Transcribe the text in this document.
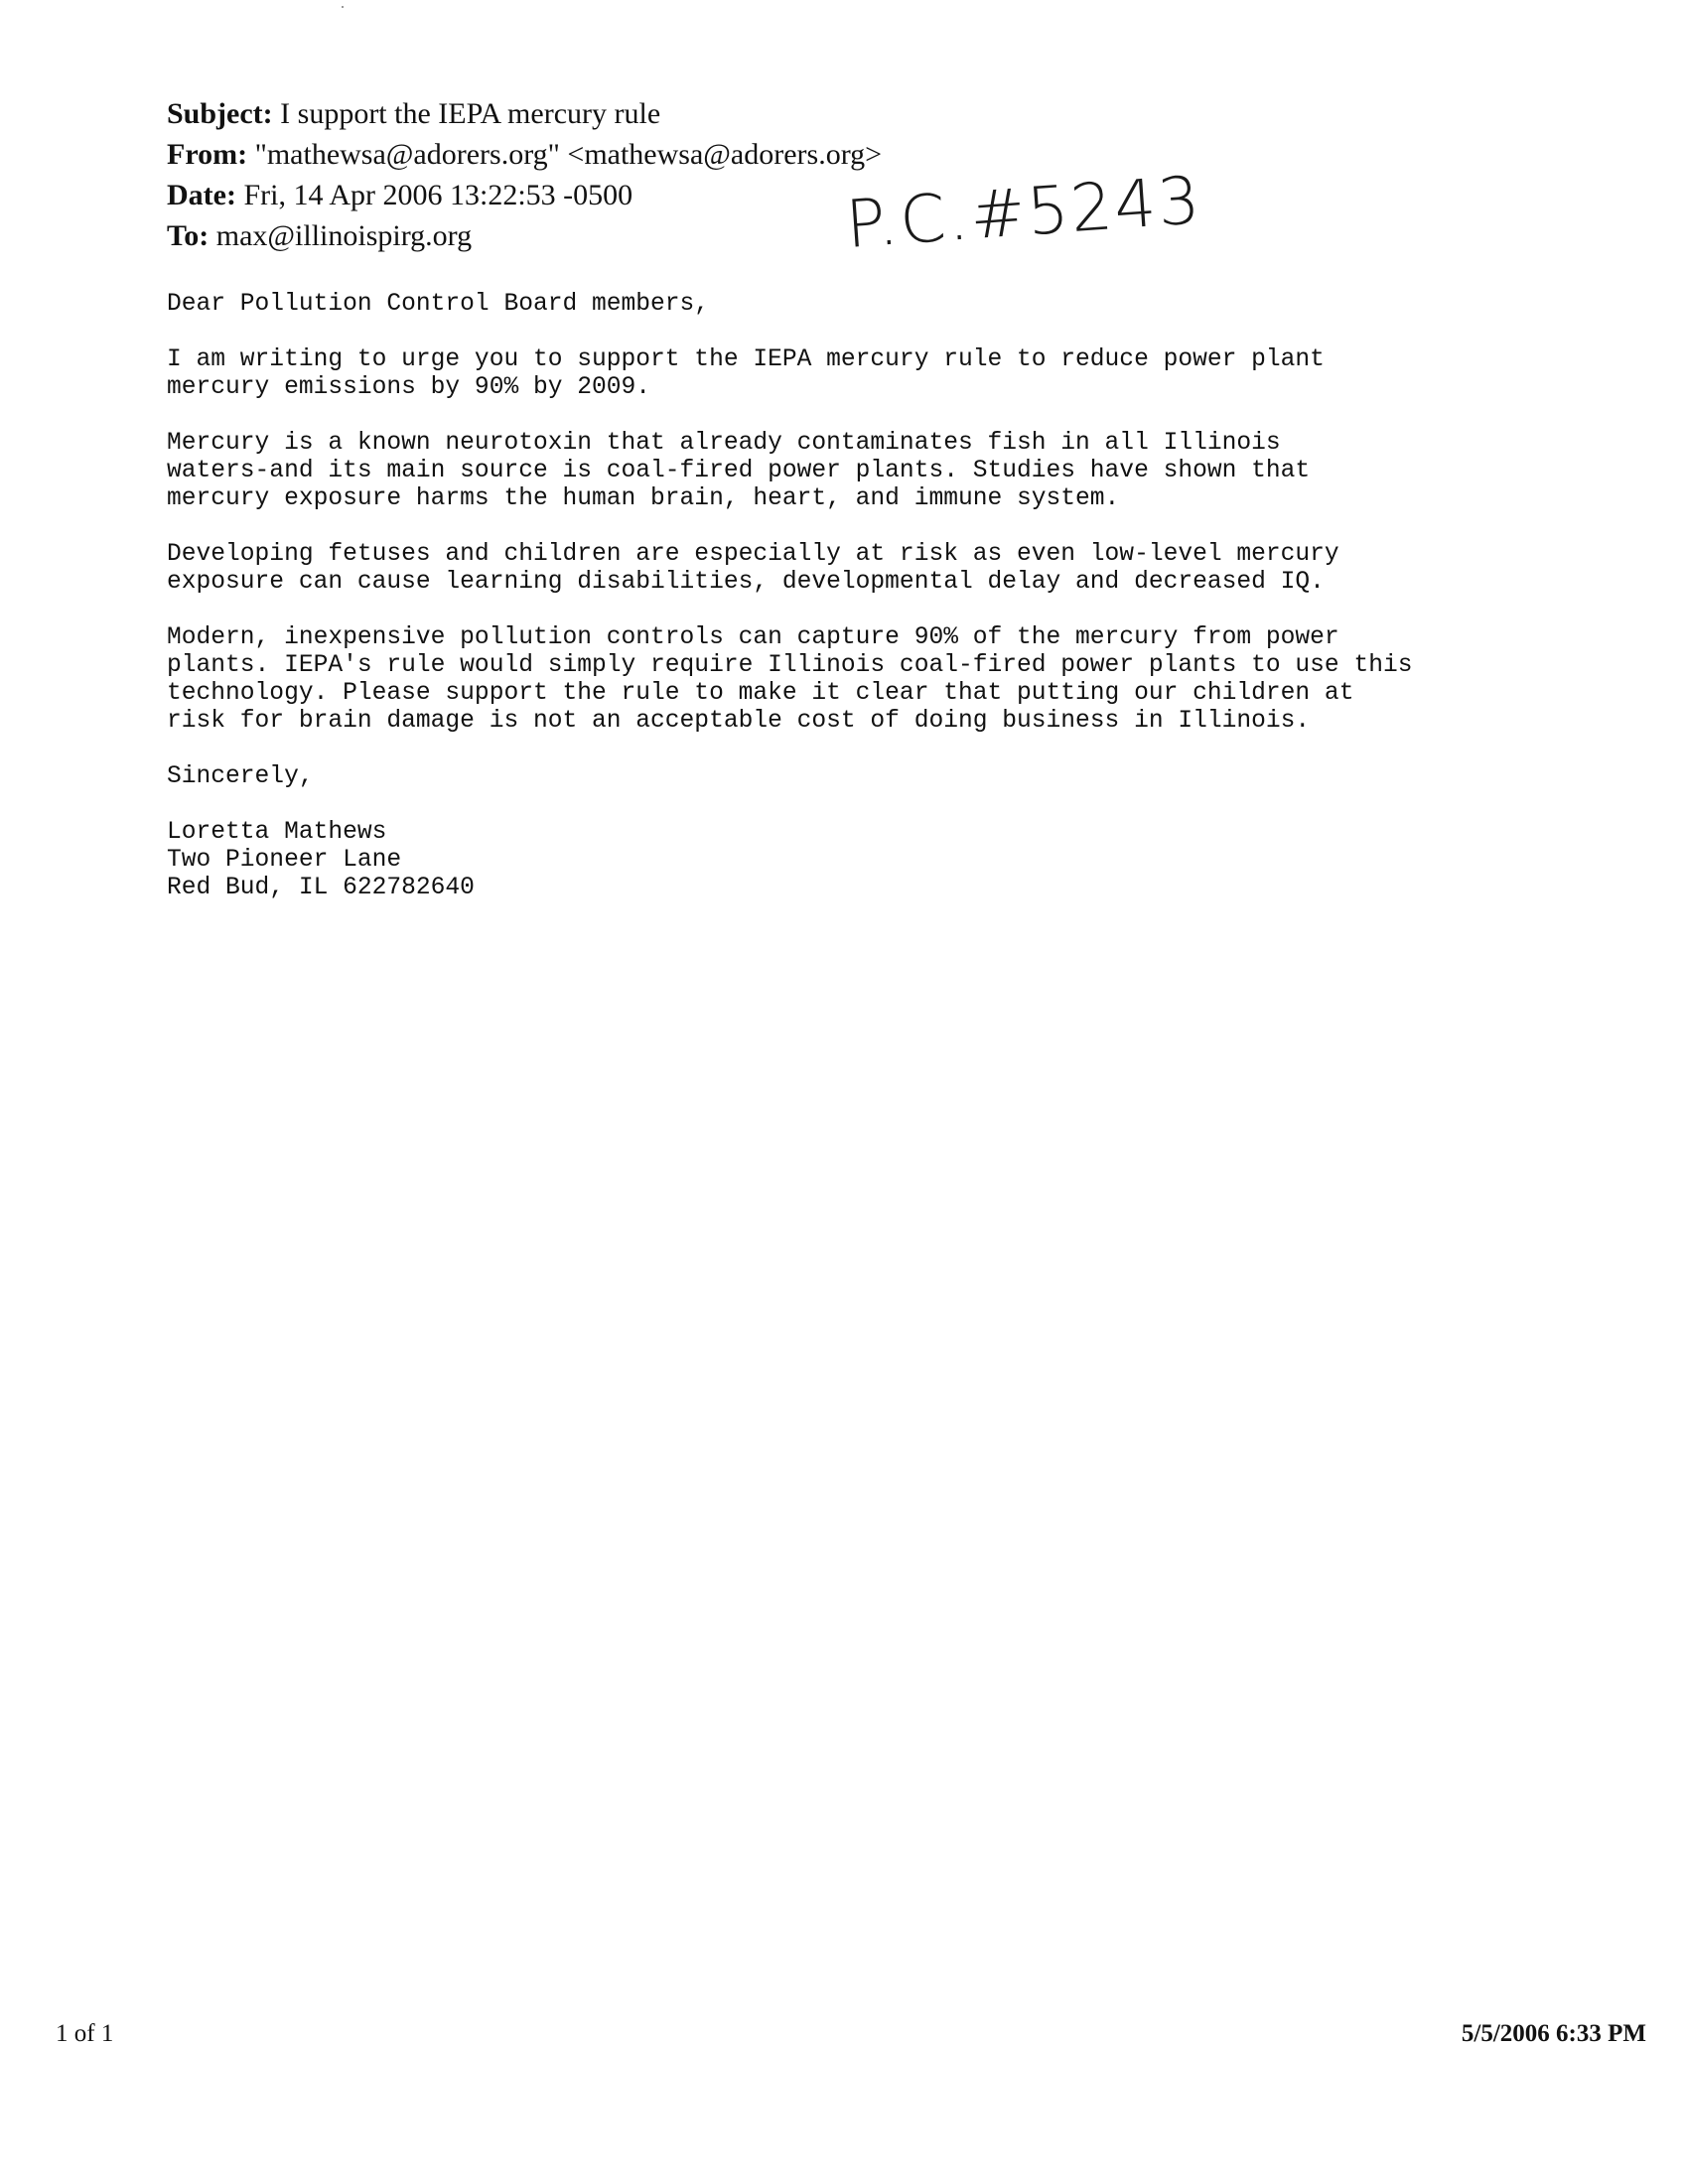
Subject: I support the IEPA mercury rule
From: "mathewsa@adorers.org" <mathewsa@adorers.org>
Date: Fri, 14 Apr 2006 13:22:53 -0500
To: max@illinoispirg.org	P.C.#5243
Dear Pollution Control Board members,
I am writing to urge you to support the IEPA mercury rule to reduce power plant
mercury emissions by 90% by 2009.
Mercury is a known neurotoxin that already contaminates fish in all Illinois
waters-and its main source is coal-fired power plants. Studies have shown that
mercury exposure harms the human brain, heart, and immune system.
Developing fetuses and children are especially at risk as even low-level mercury
exposure can cause learning disabilities, developmental delay and decreased IQ.
Modern, inexpensive pollution controls can capture 90% of the mercury from power
plants. IEPA's rule would simply require Illinois coal-fired power plants to use this
technology. Please support the rule to make it clear that putting our children at
risk for brain damage is not an acceptable cost of doing business in Illinois.
Sincerely,
Loretta Mathews
Two Pioneer Lane
Red Bud, IL 622782640
1 of 1	5/5/2006 6:33 PM
